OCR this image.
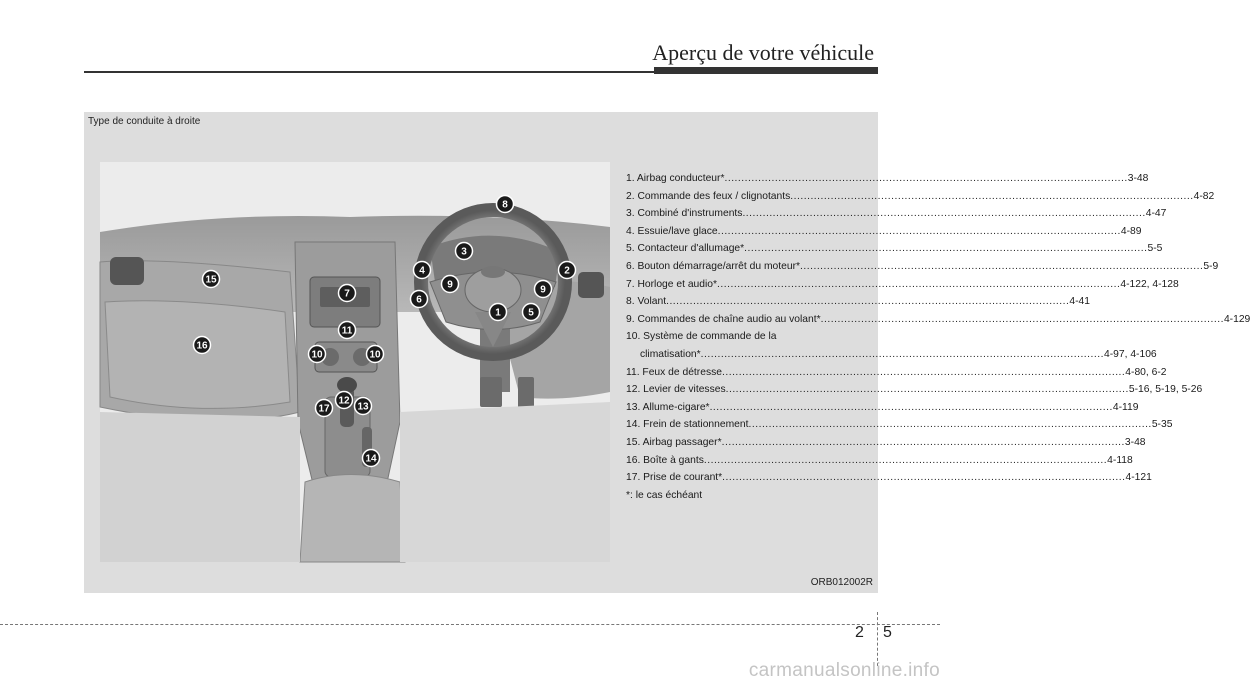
Aperçu de votre véhicule
Type de conduite à droite
1
2
3
4
5
6
7
8
9	9
10	10
11
12
13
14
15
16
17
1. Airbag conducteur* ........................................................................................................................ 3-48
2. Commande des feux / clignotants ........................................................................................................................ 4-82
3. Combiné d'instruments ........................................................................................................................ 4-47
4. Essuie/lave glace ........................................................................................................................ 4-89
5. Contacteur d'allumage* ........................................................................................................................ 5-5
6. Bouton démarrage/arrêt du moteur* ........................................................................................................................ 5-9
7. Horloge et audio* ........................................................................................................................ 4-122, 4-128
8. Volant ........................................................................................................................ 4-41
9. Commandes de chaîne audio au volant* ........................................................................................................................ 4-129
10. Système de commande de la
climatisation* ........................................................................................................................ 4-97, 4-106
11. Feux de détresse ........................................................................................................................ 4-80, 6-2
12. Levier de vitesses ........................................................................................................................ 5-16, 5-19, 5-26
13. Allume-cigare* ........................................................................................................................ 4-119
14. Frein de stationnement ........................................................................................................................ 5-35
15. Airbag passager* ........................................................................................................................ 3-48
16. Boîte à gants ........................................................................................................................ 4-118
17. Prise de courant* ........................................................................................................................ 4-121
*: le cas échéant
ORB012002R
2 5
carmanualsonline.info
